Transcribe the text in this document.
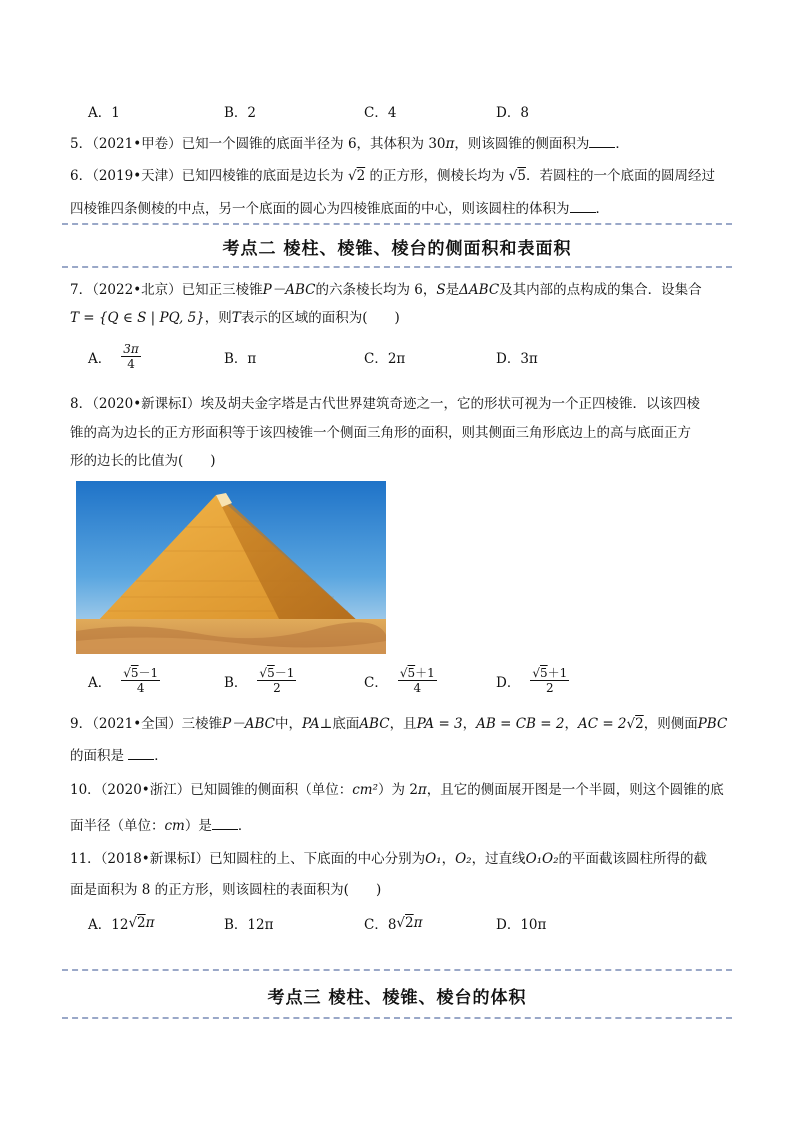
A．1	B．2	C．4	D．8
5．（2021•甲卷）已知一个圆锥的底面半径为 6，其体积为 30π，则该圆锥的侧面积为 ．
6．（2019•天津）已知四棱锥的底面是边长为 √2 的正方形，侧棱长均为 √5．若圆柱的一个底面的圆周经过
四棱锥四条侧棱的中点，另一个底面的圆心为四棱锥底面的中心，则该圆柱的体积为 ．
考点二 棱柱、棱锥、棱台的侧面积和表面积
7．（2022•北京）已知正三棱锥P－ABC的六条棱长均为 6，S是ΔABC及其内部的点构成的集合．设集合
T = {Q ∈ S | PQ, 5}，则T表示的区域的面积为(　　)
A． $\frac{3\pi}{4}$	B．π	C．2π	D．3π
8．（2020•新课标Ⅰ）埃及胡夫金字塔是古代世界建筑奇迹之一，它的形状可视为一个正四棱锥．以该四棱
锥的高为边长的正方形面积等于该四棱锥一个侧面三角形的面积，则其侧面三角形底边上的高与底面正方
形的边长的比值为(　　)
A． $\frac{√5-1}{4}$	B． $\frac{√5-1}{2}$	C． $\frac{√5+1}{4}$	D． $\frac{√5+1}{2}$
9．（2021•全国）三棱锥P－ABC中，PA⊥底面ABC，且PA = 3，AB = CB = 2，AC = 2√2，则侧面PBC
的面积是 ．
10．（2020•浙江）已知圆锥的侧面积（单位：cm²）为 2π，且它的侧面展开图是一个半圆，则这个圆锥的底
面半径（单位：cm）是 ．
11．（2018•新课标Ⅰ）已知圆柱的上、下底面的中心分别为O₁，O₂，过直线O₁O₂的平面截该圆柱所得的截
面是面积为 8 的正方形，则该圆柱的表面积为(　　)
A．12 √2 π	B．12π	C．8 √2 π	D．10π
考点三 棱柱、棱锥、棱台的体积
